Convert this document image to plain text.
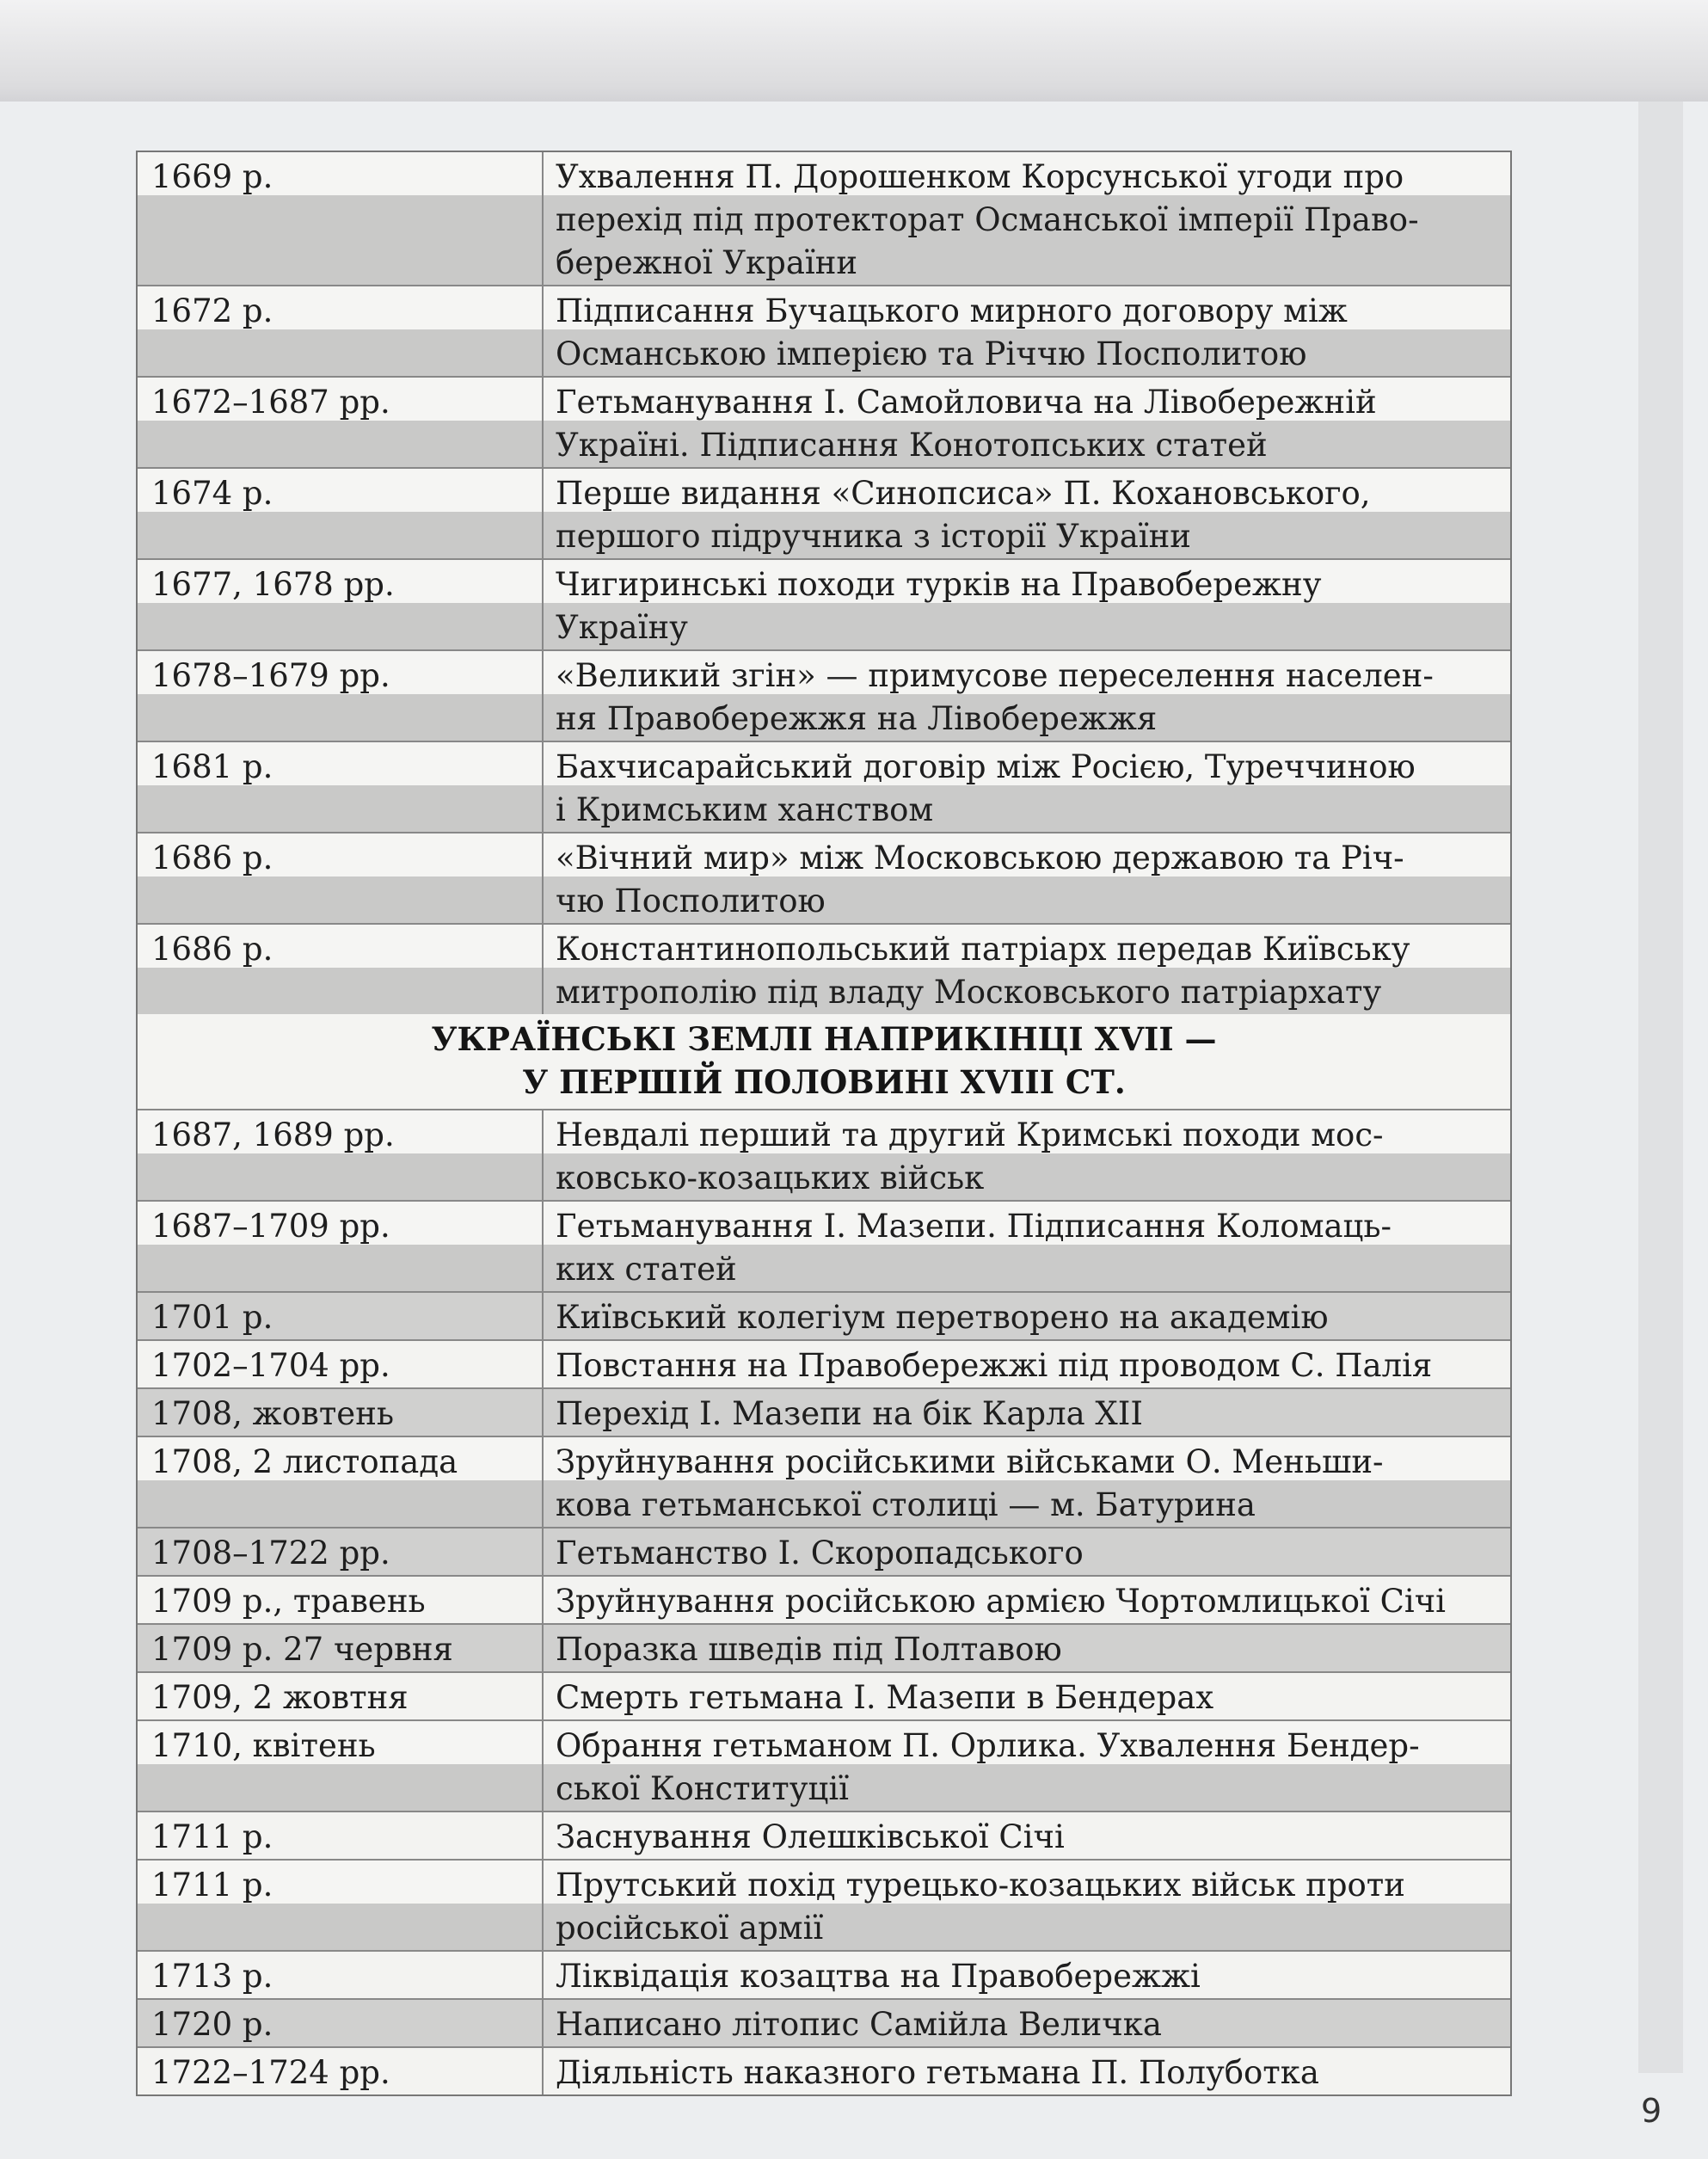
1669 р.	Ухвалення П. Дорошенком Корсунської угоди про
перехід під протекторат Османської імперії Право-
бережної України
1672 р.	Підписання Бучацького мирного договору між
Османською імперією та Річчю Посполитою
1672–1687 рр.	Гетьманування І. Самойловича на Лівобережній
Україні. Підписання Конотопських статей
1674 р.	Перше видання «Синопсиса» П. Кохановського,
першого підручника з історії України
1677, 1678 рр.	Чигиринські походи турків на Правобережну
Україну
1678–1679 рр.	«Великий згін» — примусове переселення населен-
ня Правобережжя на Лівобережжя
1681 р.	Бахчисарайський договір між Росією, Туреччиною
і Кримським ханством
1686 р.	«Вічний мир» між Московською державою та Річ-
чю Посполитою
1686 р.	Константинопольський патріарх передав Київську
митрополію під владу Московського патріархату
УКРАЇНСЬКІ ЗЕМЛІ НАПРИКІНЦІ XVII —
У ПЕРШІЙ ПОЛОВИНІ XVIII СТ.
1687, 1689 рр.	Невдалі перший та другий Кримські походи мос-
ковсько-козацьких військ
1687–1709 рр.	Гетьманування І. Мазепи. Підписання Коломаць-
ких статей
1701 р.	Київський колегіум перетворено на академію
1702–1704 рр.	Повстання на Правобережжі під проводом С. Палія
1708, жовтень	Перехід І. Мазепи на бік Карла XII
1708, 2 листопада	Зруйнування російськими військами О. Меньши-
кова гетьманської столиці — м. Батурина
1708–1722 рр.	Гетьманство І. Скоропадського
1709 р., травень	Зруйнування російською армією Чортомлицької Січі
1709 р. 27 червня	Поразка шведів під Полтавою
1709, 2 жовтня	Смерть гетьмана І. Мазепи в Бендерах
1710, квітень	Обрання гетьманом П. Орлика. Ухвалення Бендер-
ської Конституції
1711 р.	Заснування Олешківської Січі
1711 р.	Прутський похід турецько-козацьких військ проти
російської армії
1713 р.	Ліквідація козацтва на Правобережжі
1720 р.	Написано літопис Самійла Величка
1722–1724 рр.	Діяльність наказного гетьмана П. Полуботка
9
